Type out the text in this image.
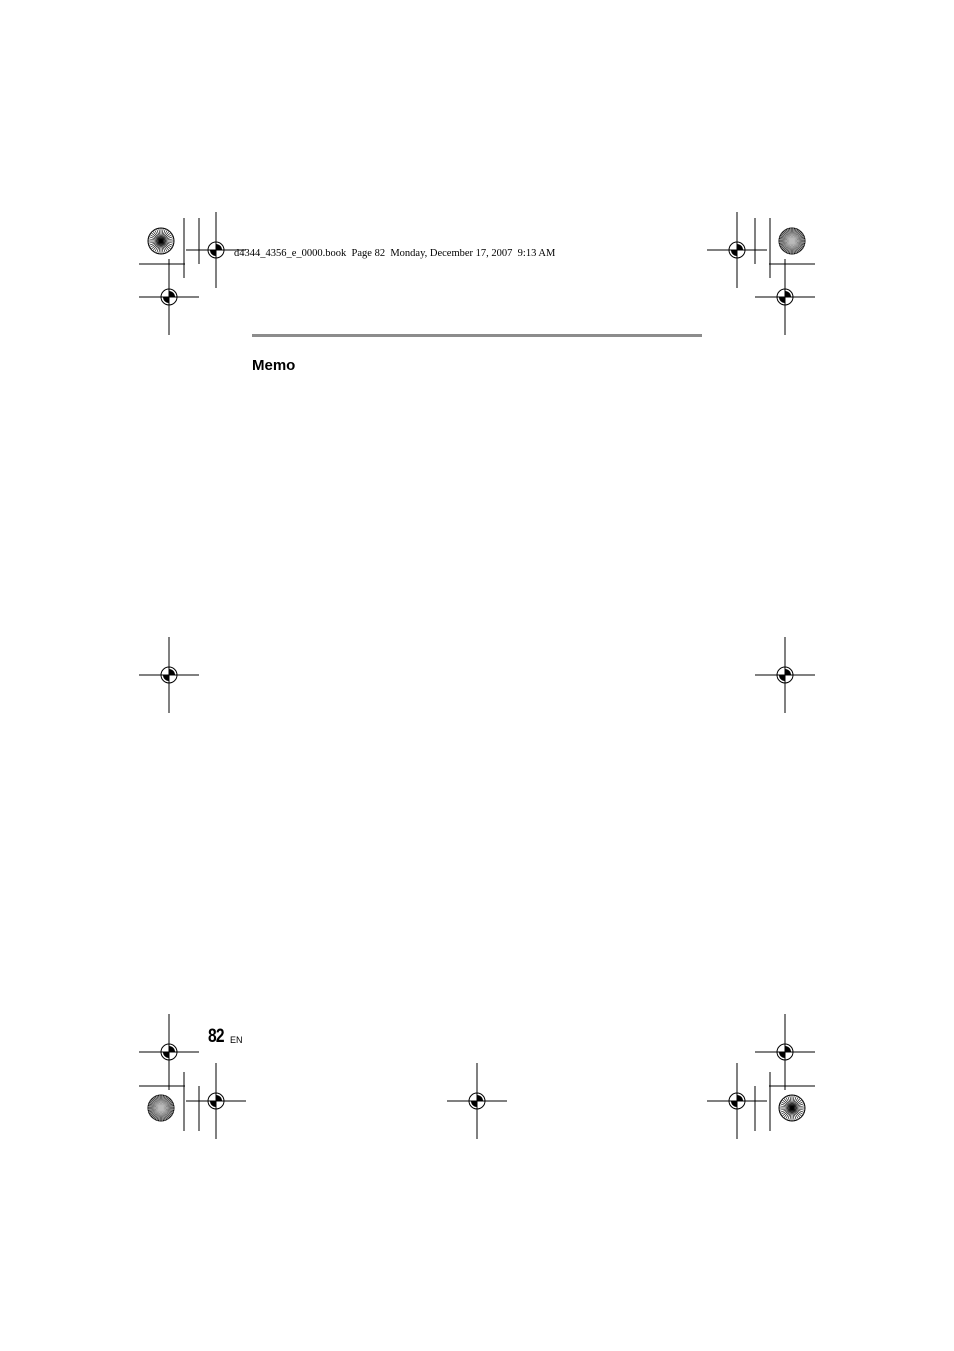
d4344_4356_e_0000.book  Page 82  Monday, December 17, 2007  9:13 AM
Memo
82 EN
